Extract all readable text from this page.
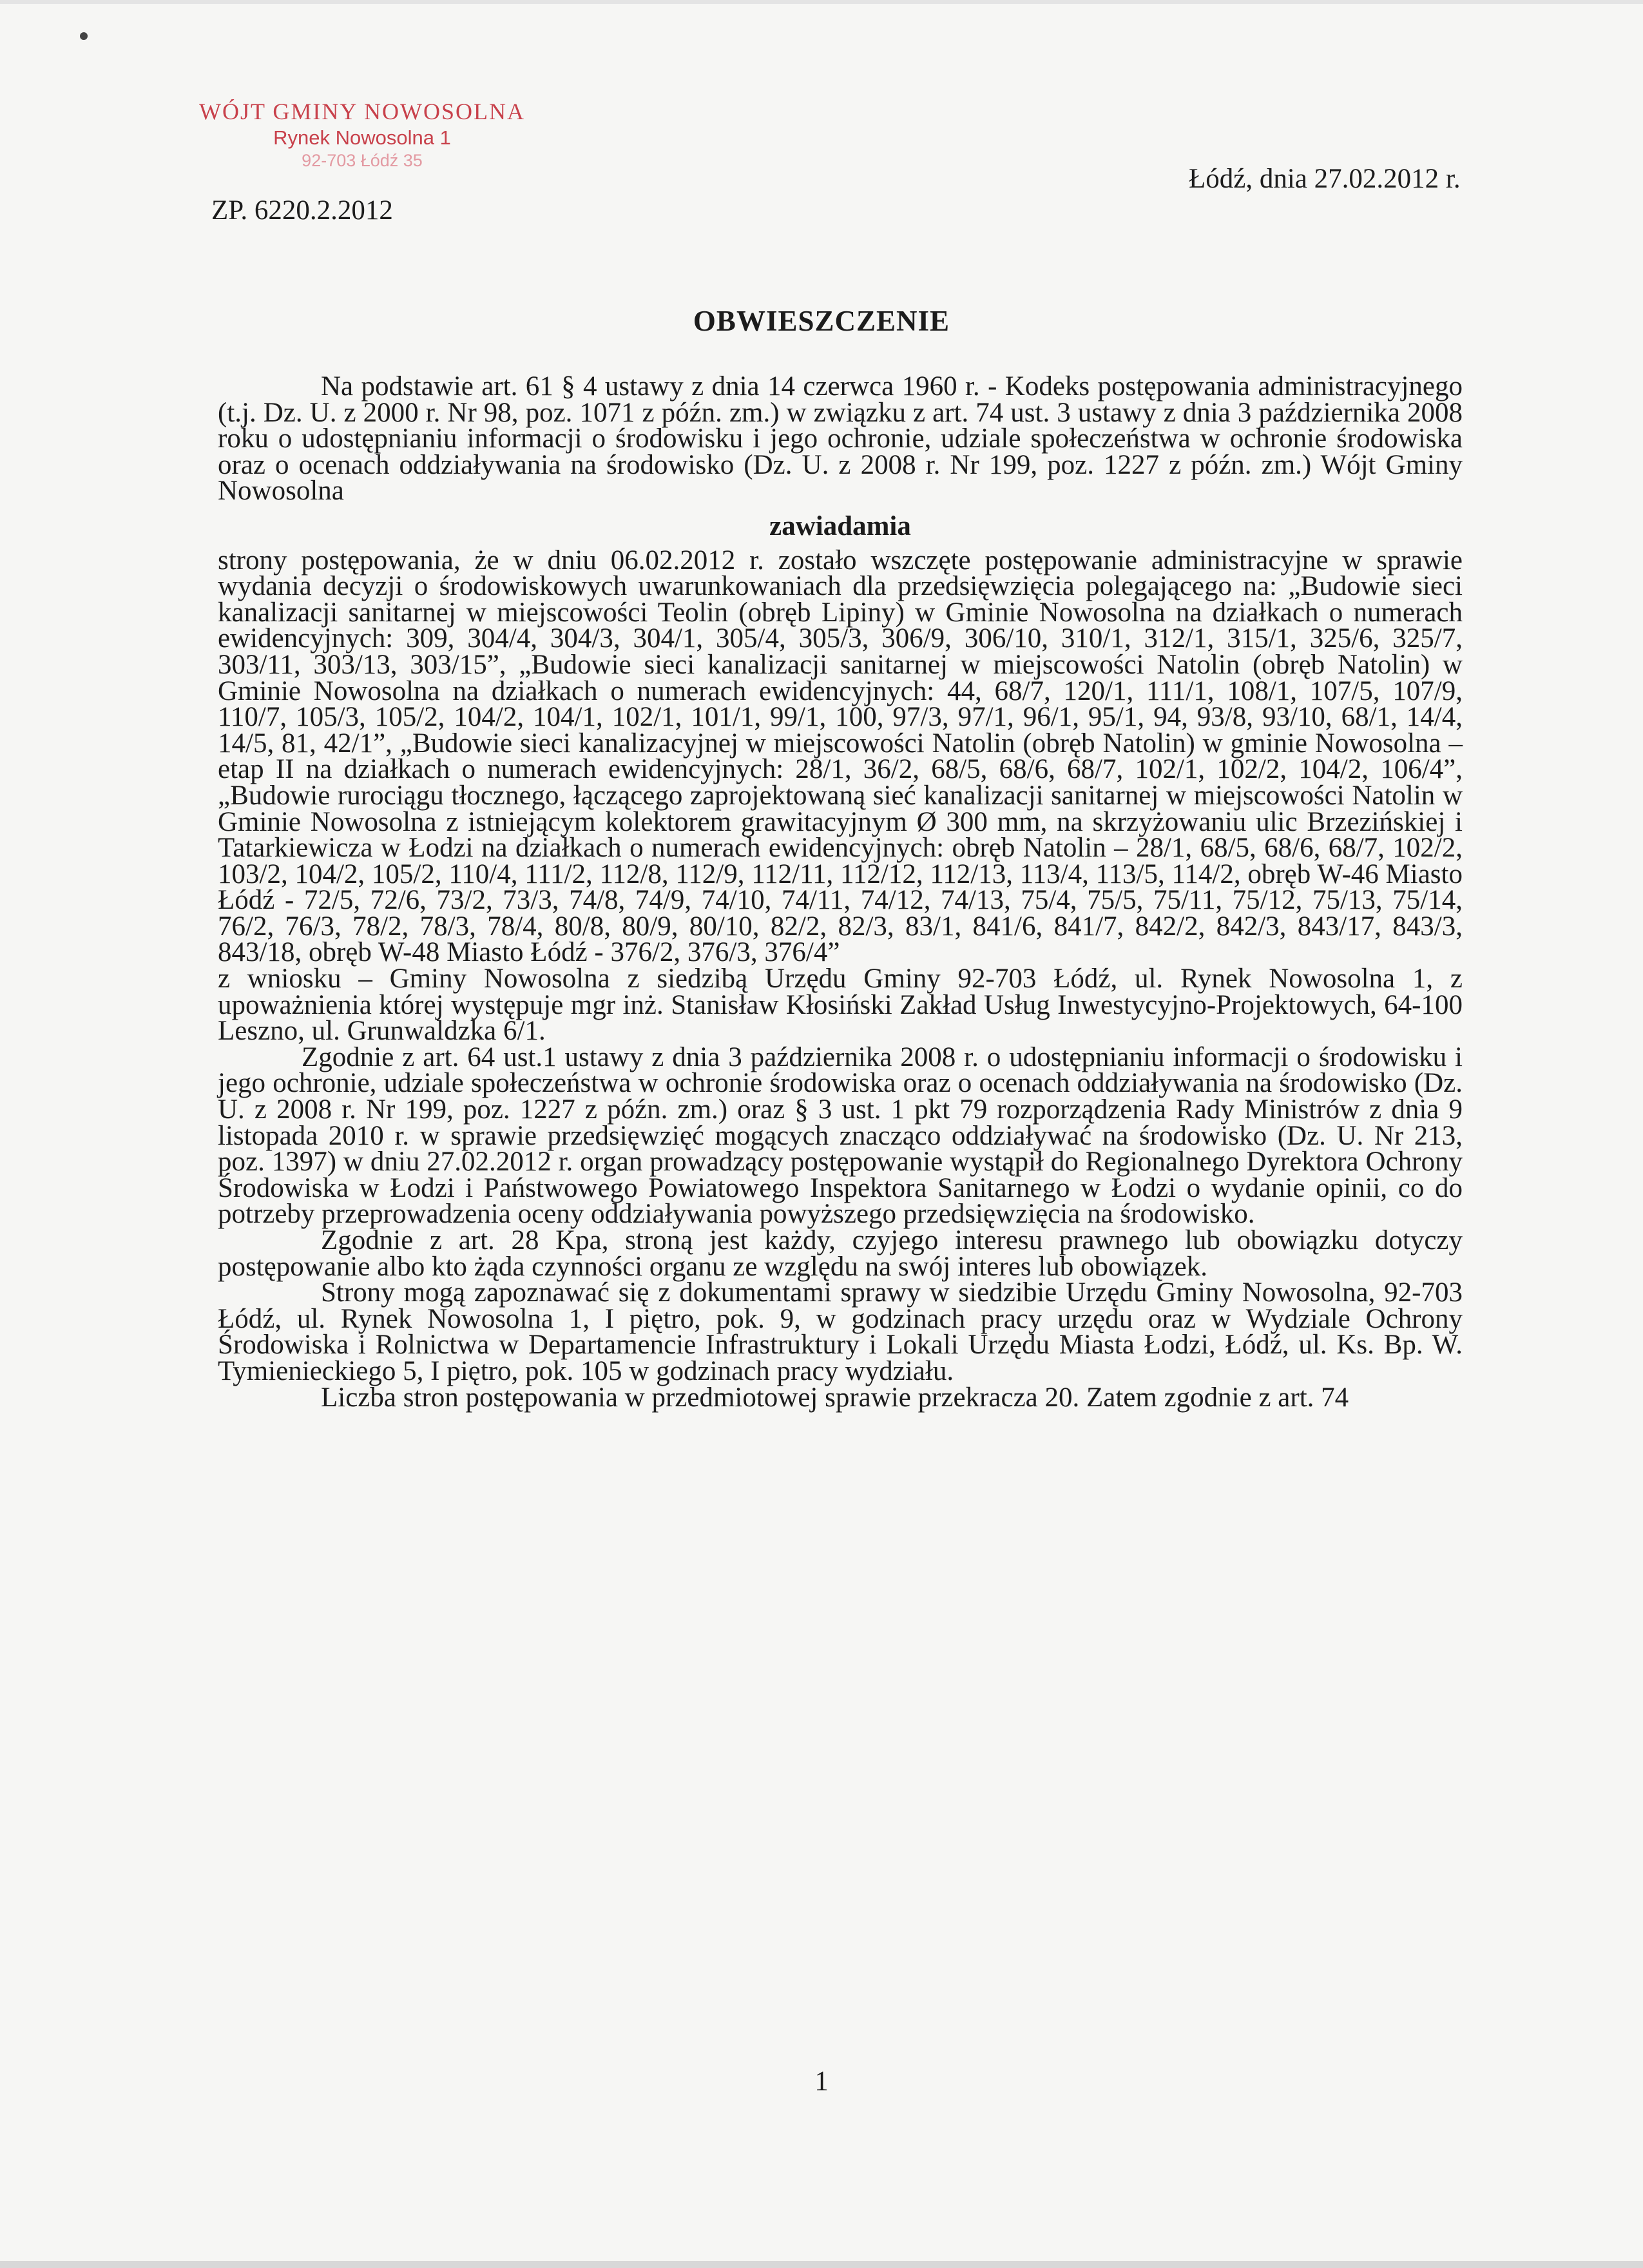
WÓJT GMINY NOWOSOLNA
Rynek Nowosolna 1
92-703 Łódź 35
ZP. 6220.2.2012
Łódź, dnia 27.02.2012 r.
OBWIESZCZENIE

Na podstawie art. 61 § 4 ustawy z dnia 14 czerwca 1960 r. - Kodeks postępowania administracyjnego (t.j. Dz. U. z 2000 r. Nr 98, poz. 1071 z późn. zm.) w związku z art. 74 ust. 3 ustawy z dnia 3 października 2008 roku o udostępnianiu informacji o środowisku i jego ochronie, udziale społeczeństwa w ochronie środowiska oraz o ocenach oddziaływania na środowisko (Dz. U. z 2008 r. Nr 199, poz. 1227 z późn. zm.) Wójt Gminy Nowosolna

zawiadamia

strony postępowania, że w dniu 06.02.2012 r. zostało wszczęte postępowanie administracyjne w sprawie wydania decyzji o środowiskowych uwarunkowaniach dla przedsięwzięcia polegającego na: „Budowie sieci kanalizacji sanitarnej w miejscowości Teolin (obręb Lipiny) w Gminie Nowosolna na działkach o numerach ewidencyjnych: 309, 304/4, 304/3, 304/1, 305/4, 305/3, 306/9, 306/10, 310/1, 312/1, 315/1, 325/6, 325/7, 303/11, 303/13, 303/15”, „Budowie sieci kanalizacji sanitarnej w miejscowości Natolin (obręb Natolin) w Gminie Nowosolna na działkach o numerach ewidencyjnych: 44, 68/7, 120/1, 111/1, 108/1, 107/5, 107/9, 110/7, 105/3, 105/2, 104/2, 104/1, 102/1, 101/1, 99/1, 100, 97/3, 97/1, 96/1, 95/1, 94, 93/8, 93/10, 68/1, 14/4, 14/5, 81, 42/1”, „Budowie sieci kanalizacyjnej w miejscowości Natolin (obręb Natolin) w gminie Nowosolna – etap II na działkach o numerach ewidencyjnych: 28/1, 36/2, 68/5, 68/6, 68/7, 102/1, 102/2, 104/2, 106/4”, „Budowie rurociągu tłocznego, łączącego zaprojektowaną sieć kanalizacji sanitarnej w miejscowości Natolin w Gminie Nowosolna z istniejącym kolektorem grawitacyjnym Ø 300 mm, na skrzyżowaniu ulic Brzezińskiej i Tatarkiewicza w Łodzi na działkach o numerach ewidencyjnych: obręb Natolin – 28/1, 68/5, 68/6, 68/7, 102/2, 103/2, 104/2, 105/2, 110/4, 111/2, 112/8, 112/9, 112/11, 112/12, 112/13, 113/4, 113/5, 114/2, obręb W-46 Miasto Łódź - 72/5, 72/6, 73/2, 73/3, 74/8, 74/9, 74/10, 74/11, 74/12, 74/13, 75/4, 75/5, 75/11, 75/12, 75/13, 75/14, 76/2, 76/3, 78/2, 78/3, 78/4, 80/8, 80/9, 80/10, 82/2, 82/3, 83/1, 841/6, 841/7, 842/2, 842/3, 843/17, 843/3, 843/18, obręb W-48 Miasto Łódź - 376/2, 376/3, 376/4”

z wniosku – Gminy Nowosolna z siedzibą Urzędu Gminy 92-703 Łódź, ul. Rynek Nowosolna 1, z upoważnienia której występuje mgr inż. Stanisław Kłosiński Zakład Usług Inwestycyjno-Projektowych, 64-100 Leszno, ul. Grunwaldzka 6/1.

Zgodnie z art. 64 ust.1 ustawy z dnia 3 października 2008 r. o udostępnianiu informacji o środowisku i jego ochronie, udziale społeczeństwa w ochronie środowiska oraz o ocenach oddziaływania na środowisko (Dz. U. z 2008 r. Nr 199, poz. 1227 z późn. zm.) oraz § 3 ust. 1 pkt 79 rozporządzenia Rady Ministrów z dnia 9 listopada 2010 r. w sprawie przedsięwzięć mogących znacząco oddziaływać na środowisko (Dz. U. Nr 213, poz. 1397) w dniu 27.02.2012 r. organ prowadzący postępowanie wystąpił do Regionalnego Dyrektora Ochrony Środowiska w Łodzi i Państwowego Powiatowego Inspektora Sanitarnego w Łodzi o wydanie opinii, co do potrzeby przeprowadzenia oceny oddziaływania powyższego przedsięwzięcia na środowisko.

Zgodnie z art. 28 Kpa, stroną jest każdy, czyjego interesu prawnego lub obowiązku dotyczy postępowanie albo kto żąda czynności organu ze względu na swój interes lub obowiązek.

Strony mogą zapoznawać się z dokumentami sprawy w siedzibie Urzędu Gminy Nowosolna, 92-703 Łódź, ul. Rynek Nowosolna 1, I piętro, pok. 9, w godzinach pracy urzędu oraz w Wydziale Ochrony Środowiska i Rolnictwa w Departamencie Infrastruktury i Lokali Urzędu Miasta Łodzi, Łódź, ul. Ks. Bp. W. Tymienieckiego 5, I piętro, pok. 105 w godzinach pracy wydziału.

Liczba stron postępowania w przedmiotowej sprawie przekracza 20. Zatem zgodnie z art. 74

1
